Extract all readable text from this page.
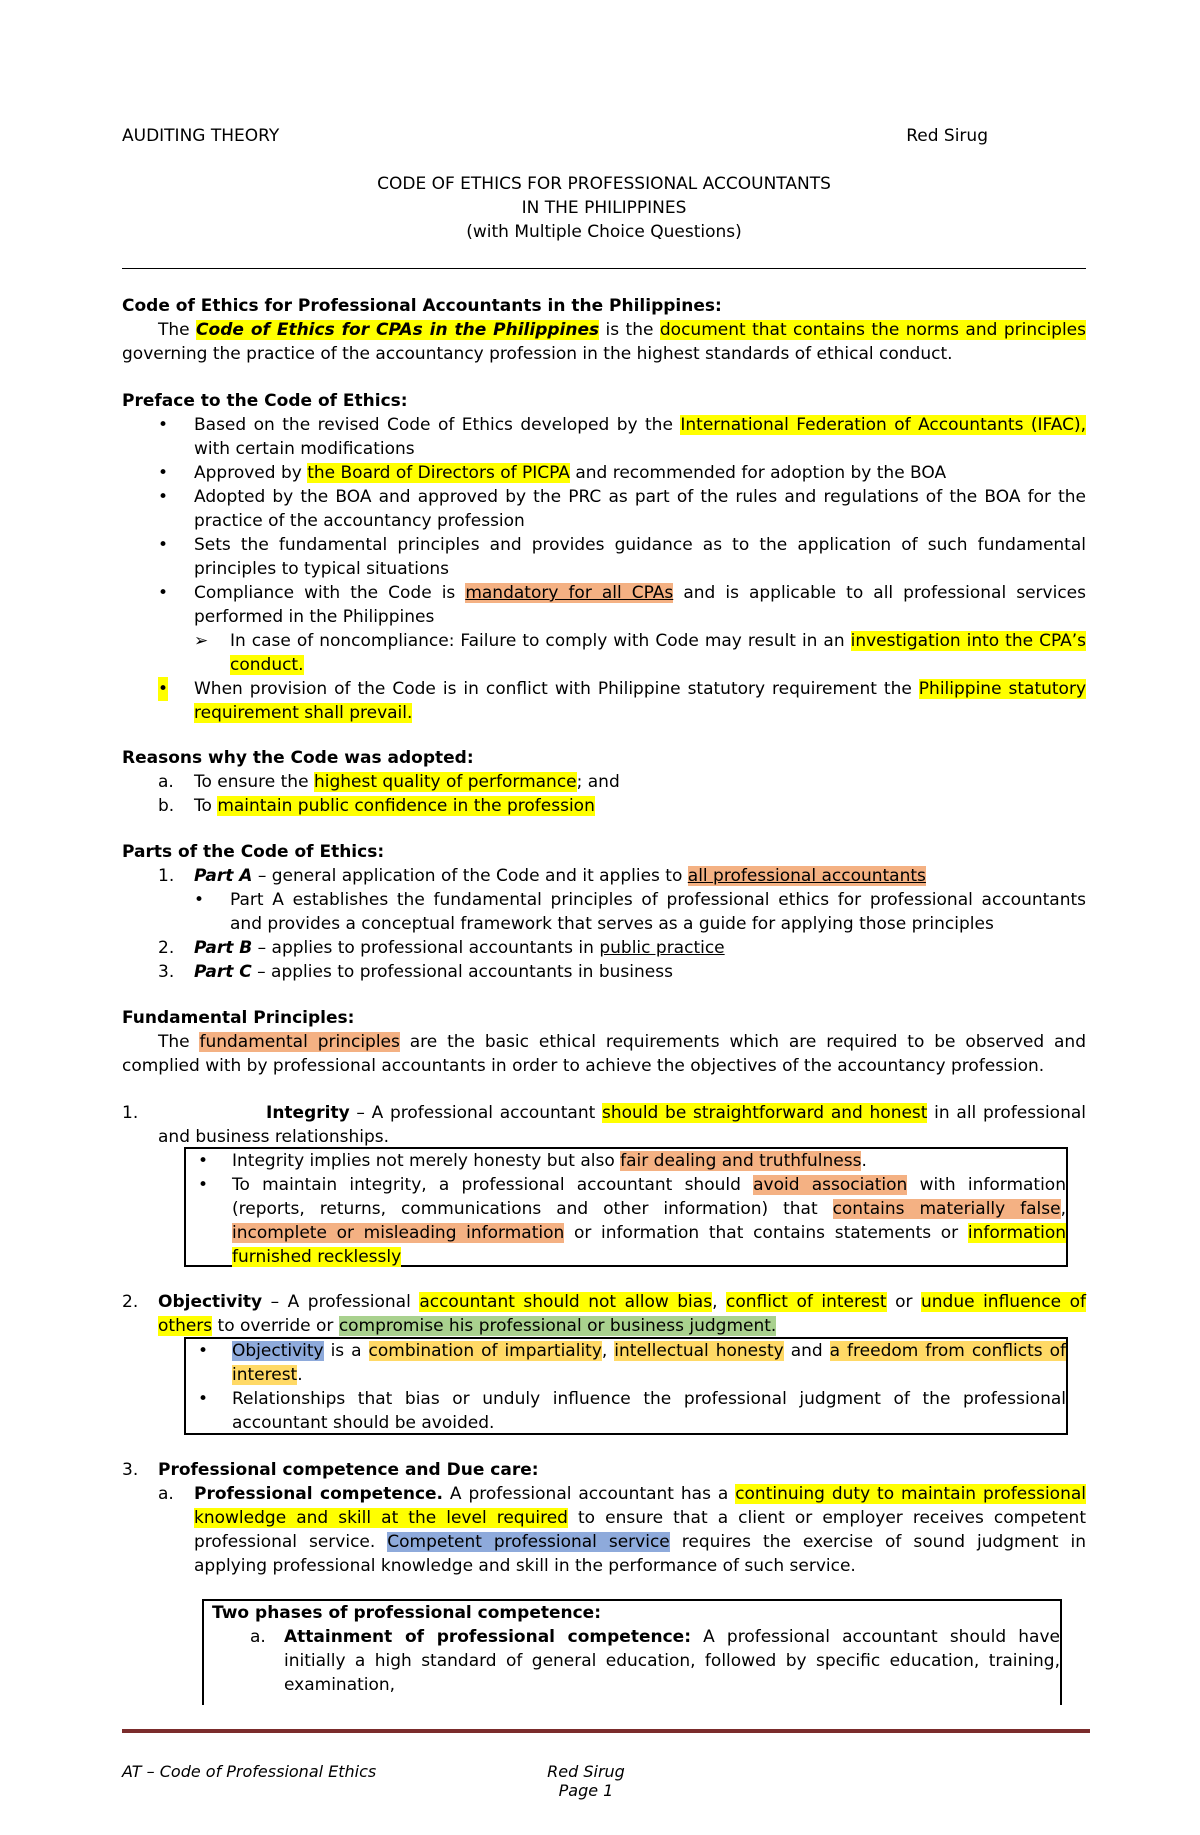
AUDITING THEORY	Red Sirug
CODE OF ETHICS FOR PROFESSIONAL ACCOUNTANTS
IN THE PHILIPPINES
(with Multiple Choice Questions)
Code of Ethics for Professional Accountants in the Philippines:
The Code of Ethics for CPAs in the Philippines is the document that contains the norms and principles governing the practice of the accountancy profession in the highest standards of ethical conduct.
Preface to the Code of Ethics:
• Based on the revised Code of Ethics developed by the International Federation of Accountants (IFAC), with certain modifications
• Approved by the Board of Directors of PICPA and recommended for adoption by the BOA
• Adopted by the BOA and approved by the PRC as part of the rules and regulations of the BOA for the practice of the accountancy profession
• Sets the fundamental principles and provides guidance as to the application of such fundamental principles to typical situations
• Compliance with the Code is mandatory for all CPAs and is applicable to all professional services performed in the Philippines
➢ In case of noncompliance: Failure to comply with Code may result in an investigation into the CPA’s conduct.
• When provision of the Code is in conflict with Philippine statutory requirement the Philippine statutory requirement shall prevail.
Reasons why the Code was adopted:
a. To ensure the highest quality of performance; and
b. To maintain public confidence in the profession
Parts of the Code of Ethics:
1. Part A – general application of the Code and it applies to all professional accountants
• Part A establishes the fundamental principles of professional ethics for professional accountants and provides a conceptual framework that serves as a guide for applying those principles
2. Part B – applies to professional accountants in public practice
3. Part C – applies to professional accountants in business
Fundamental Principles:
The fundamental principles are the basic ethical requirements which are required to be observed and complied with by professional accountants in order to achieve the objectives of the accountancy profession.
1.	Integrity – A professional accountant should be straightforward and honest in all professional and business relationships.
• Integrity implies not merely honesty but also fair dealing and truthfulness.
• To maintain integrity, a professional accountant should avoid association with information (reports, returns, communications and other information) that contains materially false, incomplete or misleading information or information that contains statements or information furnished recklessly
2. Objectivity – A professional accountant should not allow bias, conflict of interest or undue influence of others to override or compromise his professional or business judgment.
• Objectivity is a combination of impartiality, intellectual honesty and a freedom from conflicts of interest.
• Relationships that bias or unduly influence the professional judgment of the professional accountant should be avoided.
3. Professional competence and Due care:
a. Professional competence. A professional accountant has a continuing duty to maintain professional knowledge and skill at the level required to ensure that a client or employer receives competent professional service. Competent professional service requires the exercise of sound judgment in applying professional knowledge and skill in the performance of such service.
Two phases of professional competence:
a. Attainment of professional competence: A professional accountant should have initially a high standard of general education, followed by specific education, training, examination,
AT – Code of Professional Ethics	Red Sirug
Page 1
